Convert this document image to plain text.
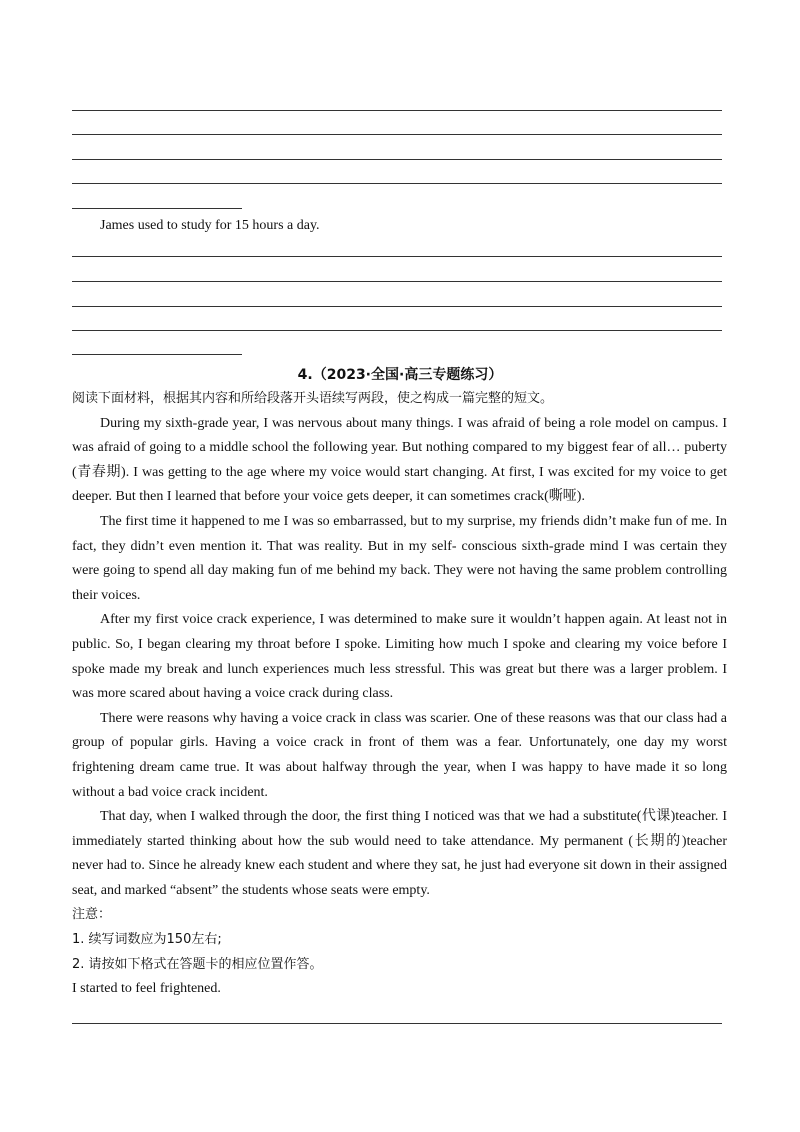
James used to study for 15 hours a day.

4.（2023·全国·高三专题练习）

阅读下面材料，根据其内容和所给段落开头语续写两段，使之构成一篇完整的短文。

During my sixth-grade year, I was nervous about many things. I was afraid of being a role model on campus. I was afraid of going to a middle school the following year. But nothing compared to my biggest fear of all… puberty (青春期). I was getting to the age where my voice would start changing. At first, I was excited for my voice to get deeper. But then I learned that before your voice gets deeper, it can sometimes crack(嘶哑).

The first time it happened to me I was so embarrassed, but to my surprise, my friends didn’t make fun of me. In fact, they didn’t even mention it. That was reality. But in my self- conscious sixth-grade mind I was certain they were going to spend all day making fun of me behind my back. They were not having the same problem controlling their voices.

After my first voice crack experience, I was determined to make sure it wouldn’t happen again. At least not in public. So, I began clearing my throat before I spoke. Limiting how much I spoke and clearing my voice before I spoke made my break and lunch experiences much less stressful. This was great but there was a larger problem. I was more scared about having a voice crack during class.

There were reasons why having a voice crack in class was scarier. One of these reasons was that our class had a group of popular girls. Having a voice crack in front of them was a fear. Unfortunately, one day my worst frightening dream came true. It was about halfway through the year, when I was happy to have made it so long without a bad voice crack incident.

That day, when I walked through the door, the first thing I noticed was that we had a substitute(代课)teacher. I immediately started thinking about how the sub would need to take attendance. My permanent (长期的)teacher never had to. Since he already knew each student and where they sat, he just had everyone sit down in their assigned seat, and marked “absent” the students whose seats were empty.

注意：

1. 续写词数应为150左右;

2. 请按如下格式在答题卡的相应位置作答。

I started to feel frightened.
